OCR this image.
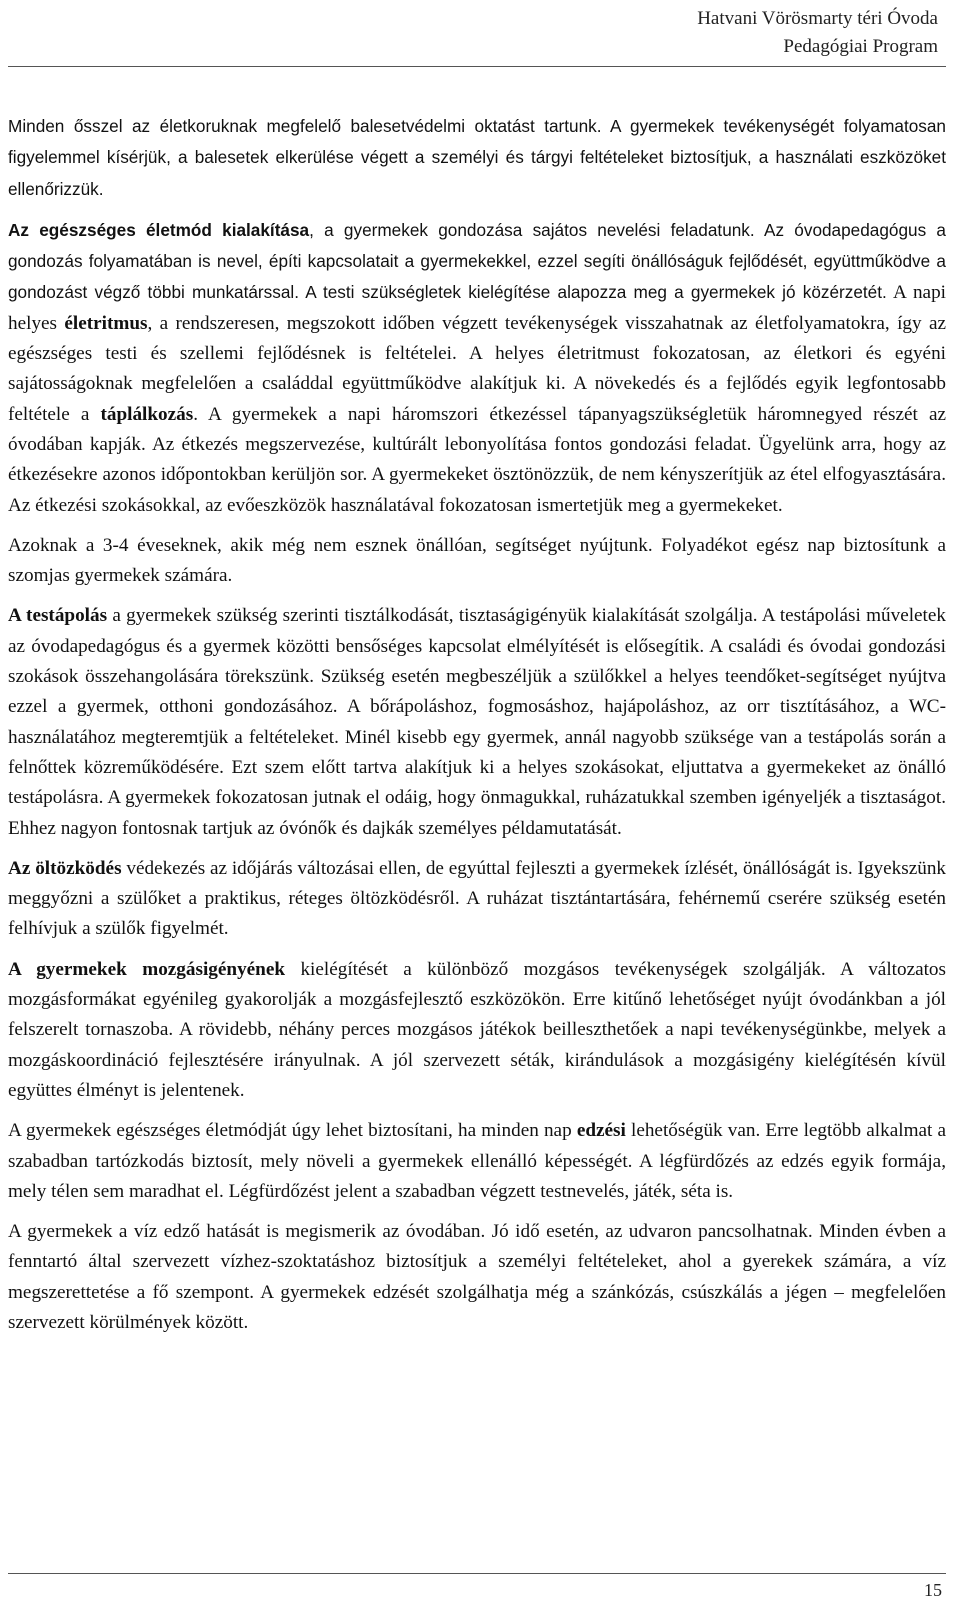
Hatvani Vörösmarty téri Óvoda
Pedagógiai Program

Minden ősszel az életkoruknak megfelelő balesetvédelmi oktatást tartunk. A gyermekek tevékenységét folyamatosan figyelemmel kísérjük, a balesetek elkerülése végett a személyi és tárgyi feltételeket biztosítjuk, a használati eszközöket ellenőrizzük.

Az egészséges életmód kialakítása, a gyermekek gondozása sajátos nevelési feladatunk. Az óvodapedagógus a gondozás folyamatában is nevel, építi kapcsolatait a gyermekekkel, ezzel segíti önállóságuk fejlődését, együttműködve a gondozást végző többi munkatárssal. A testi szükségletek kielégítése alapozza meg a gyermekek jó közérzetét. A napi helyes életritmus, a rendszeresen, megszokott időben végzett tevékenységek visszahatnak az életfolyamatokra, így az egészséges testi és szellemi fejlődésnek is feltételei. A helyes életritmust fokozatosan, az életkori és egyéni sajátosságoknak megfelelően a családdal együttműködve alakítjuk ki. A növekedés és a fejlődés egyik legfontosabb feltétele a táplálkozás. A gyermekek a napi háromszori étkezéssel tápanyagszükségletük háromnegyed részét az óvodában kapják. Az étkezés megszervezése, kultúrált lebonyolítása fontos gondozási feladat. Ügyelünk arra, hogy az étkezésekre azonos időpontokban kerüljön sor. A gyermekeket ösztönözzük, de nem kényszerítjük az étel elfogyasztására. Az étkezési szokásokkal, az evőeszközök használatával fokozatosan ismertetjük meg a gyermekeket.

Azoknak a 3-4 éveseknek, akik még nem esznek önállóan, segítséget nyújtunk. Folyadékot egész nap biztosítunk a szomjas gyermekek számára.

A testápolás a gyermekek szükség szerinti tisztálkodását, tisztaságigényük kialakítását szolgálja. A testápolási műveletek az óvodapedagógus és a gyermek közötti bensőséges kapcsolat elmélyítését is elősegítik. A családi és óvodai gondozási szokások összehangolására törekszünk. Szükség esetén megbeszéljük a szülőkkel a helyes teendőket-segítséget nyújtva ezzel a gyermek, otthoni gondozásához. A bőrápoláshoz, fogmosáshoz, hajápoláshoz, az orr tisztításához, a WC-használatához megteremtjük a feltételeket. Minél kisebb egy gyermek, annál nagyobb szüksége van a testápolás során a felnőttek közreműködésére. Ezt szem előtt tartva alakítjuk ki a helyes szokásokat, eljuttatva a gyermekeket az önálló testápolásra. A gyermekek fokozatosan jutnak el odáig, hogy önmagukkal, ruházatukkal szemben igényeljék a tisztaságot. Ehhez nagyon fontosnak tartjuk az óvónők és dajkák személyes példamutatását.

Az öltözködés védekezés az időjárás változásai ellen, de egyúttal fejleszti a gyermekek ízlését, önállóságát is. Igyekszünk meggyőzni a szülőket a praktikus, réteges öltözködésről. A ruházat tisztántartására, fehérnemű cserére szükség esetén felhívjuk a szülők figyelmét.

A gyermekek mozgásigényének kielégítését a különböző mozgásos tevékenységek szolgálják. A változatos mozgásformákat egyénileg gyakorolják a mozgásfejlesztő eszközökön. Erre kitűnő lehetőséget nyújt óvodánkban a jól felszerelt tornaszoba. A rövidebb, néhány perces mozgásos játékok beilleszthetőek a napi tevékenységünkbe, melyek a mozgáskoordináció fejlesztésére irányulnak. A jól szervezett séták, kirándulások a mozgásigény kielégítésén kívül együttes élményt is jelentenek.

A gyermekek egészséges életmódját úgy lehet biztosítani, ha minden nap edzési lehetőségük van. Erre legtöbb alkalmat a szabadban tartózkodás biztosít, mely növeli a gyermekek ellenálló képességét. A légfürdőzés az edzés egyik formája, mely télen sem maradhat el. Légfürdőzést jelent a szabadban végzett testnevelés, játék, séta is.

A gyermekek a víz edző hatását is megismerik az óvodában. Jó idő esetén, az udvaron pancsolhatnak. Minden évben a fenntartó által szervezett vízhez-szoktatáshoz biztosítjuk a személyi feltételeket, ahol a gyerekek számára, a víz megszerettetése a fő szempont. A gyermekek edzését szolgálhatja még a szánkózás, csúszkálás a jégen – megfelelően szervezett körülmények között.

15
